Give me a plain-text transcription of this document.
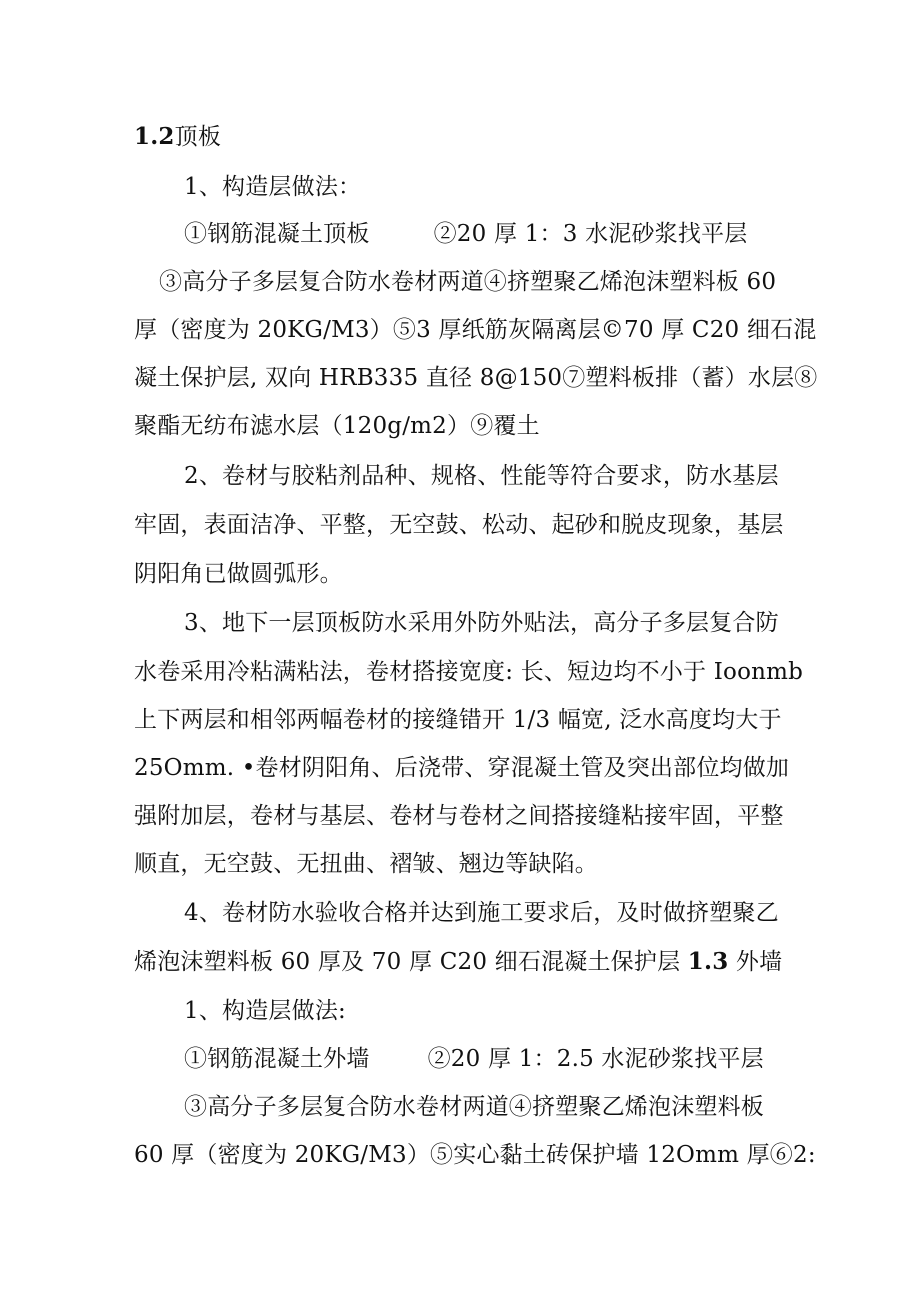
1.2顶板
1、构造层做法：
①钢筋混凝土顶板	②20 厚 1：3 水泥砂浆找平层
③高分子多层复合防水卷材两道④挤塑聚乙烯泡沫塑料板 60
厚（密度为 20KG/M3）⑤3 厚纸筋灰隔离层©70 厚 C20 细石混
凝土保护层, 双向 HRB335 直径 8@150⑦塑料板排（蓄）水层⑧
聚酯无纺布滤水层（120g∕m2）⑨覆土
2、卷材与胶粘剂品种、规格、性能等符合要求，防水基层
牢固，表面洁净、平整，无空鼓、松动、起砂和脱皮现象，基层
阴阳角已做圆弧形。
3、地下一层顶板防水采用外防外贴法，高分子多层复合防
水卷采用冷粘满粘法，卷材搭接宽度: 长、短边均不小于 Ioonmb
上下两层和相邻两幅卷材的接缝错开 1/3 幅宽, 泛水高度均大于
25Omm. •卷材阴阳角、后浇带、穿混凝土管及突出部位均做加
强附加层，卷材与基层、卷材与卷材之间搭接缝粘接牢固，平整
顺直，无空鼓、无扭曲、褶皱、翘边等缺陷。
4、卷材防水验收合格并达到施工要求后，及时做挤塑聚乙
烯泡沫塑料板 60 厚及 70 厚 C20 细石混凝土保护层 1.3 外墙
1、构造层做法:
①钢筋混凝土外墙	②20 厚 1：2.5 水泥砂浆找平层
③高分子多层复合防水卷材两道④挤塑聚乙烯泡沫塑料板
60 厚（密度为 20KG/M3）⑤实心黏土砖保护墙 12Omm 厚⑥2:
